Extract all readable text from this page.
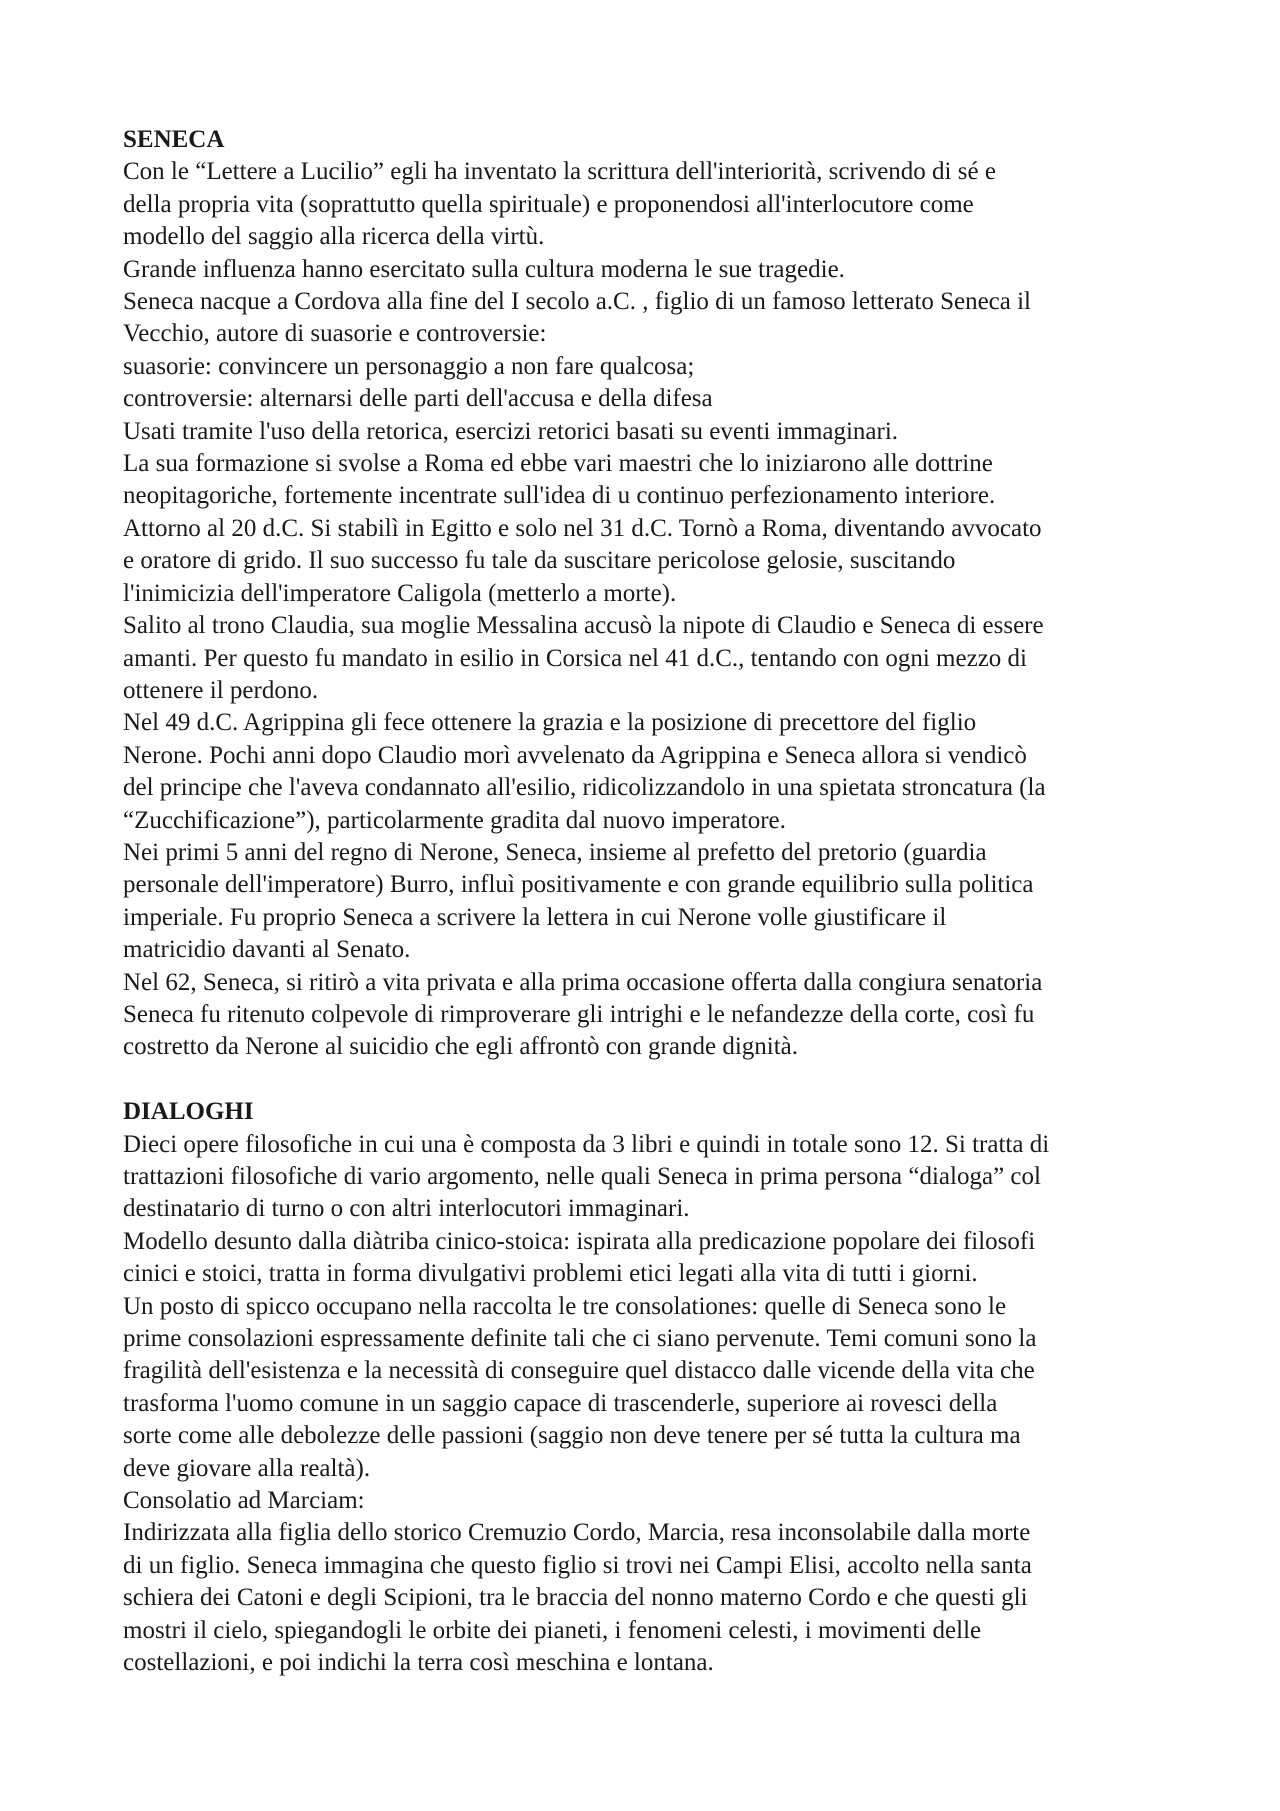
SENECA

Con le “Lettere a Lucilio” egli ha inventato la scrittura dell'interiorità, scrivendo di sé e

della propria vita (soprattutto quella spirituale) e proponendosi all'interlocutore come

modello del saggio alla ricerca della virtù.

Grande influenza hanno esercitato sulla cultura moderna le sue tragedie.

Seneca nacque a Cordova alla fine del I secolo a.C. , figlio di un famoso letterato Seneca il

Vecchio, autore di suasorie e controversie:

suasorie: convincere un personaggio a non fare qualcosa;

controversie: alternarsi delle parti dell'accusa e della difesa

Usati tramite l'uso della retorica, esercizi retorici basati su eventi immaginari.

La sua formazione si svolse a Roma ed ebbe vari maestri che lo iniziarono alle dottrine

neopitagoriche, fortemente incentrate sull'idea di u continuo perfezionamento interiore.

Attorno al 20 d.C. Si stabilì in Egitto e solo nel 31 d.C. Tornò a Roma, diventando avvocato

e oratore di grido. Il suo successo fu tale da suscitare pericolose gelosie, suscitando

l'inimicizia dell'imperatore Caligola (metterlo a morte).

Salito al trono Claudia, sua moglie Messalina accusò la nipote di Claudio e Seneca di essere

amanti. Per questo fu mandato in esilio in Corsica nel 41 d.C., tentando con ogni mezzo di

ottenere il perdono.

Nel 49 d.C. Agrippina gli fece ottenere la grazia e la posizione di precettore del figlio

Nerone. Pochi anni dopo Claudio morì avvelenato da Agrippina e Seneca allora si vendicò

del principe che l'aveva condannato all'esilio, ridicolizzandolo in una spietata stroncatura (la

“Zucchificazione”), particolarmente gradita dal nuovo imperatore.

Nei primi 5 anni del regno di Nerone, Seneca, insieme al prefetto del pretorio (guardia

personale dell'imperatore) Burro, influì positivamente e con grande equilibrio sulla politica

imperiale. Fu proprio Seneca a scrivere la lettera in cui Nerone volle giustificare il

matricidio davanti al Senato.

Nel 62, Seneca, si ritirò a vita privata e alla prima occasione offerta dalla congiura senatoria

Seneca fu ritenuto colpevole di rimproverare gli intrighi e le nefandezze della corte, così fu

costretto da Nerone al suicidio che egli affrontò con grande dignità.

DIALOGHI

Dieci opere filosofiche in cui una è composta da 3 libri e quindi in totale sono 12. Si tratta di

trattazioni filosofiche di vario argomento, nelle quali Seneca in prima persona “dialoga” col

destinatario di turno o con altri interlocutori immaginari.

Modello desunto dalla diàtriba cinico-stoica: ispirata alla predicazione popolare dei filosofi

cinici e stoici, tratta in forma divulgativi problemi etici legati alla vita di tutti i giorni.

Un posto di spicco occupano nella raccolta le tre consolationes: quelle di Seneca sono le

prime consolazioni espressamente definite tali che ci siano pervenute. Temi comuni sono la

fragilità dell'esistenza e la necessità di conseguire quel distacco dalle vicende della vita che

trasforma l'uomo comune in un saggio capace di trascenderle, superiore ai rovesci della

sorte come alle debolezze delle passioni (saggio non deve tenere per sé tutta la cultura ma

deve giovare alla realtà).

Consolatio ad Marciam:

Indirizzata alla figlia dello storico Cremuzio Cordo, Marcia, resa inconsolabile dalla morte

di un figlio. Seneca immagina che questo figlio si trovi nei Campi Elisi, accolto nella santa

schiera dei Catoni e degli Scipioni, tra le braccia del nonno materno Cordo e che questi gli

mostri il cielo, spiegandogli le orbite dei pianeti, i fenomeni celesti, i movimenti delle

costellazioni, e poi indichi la terra così meschina e lontana.
